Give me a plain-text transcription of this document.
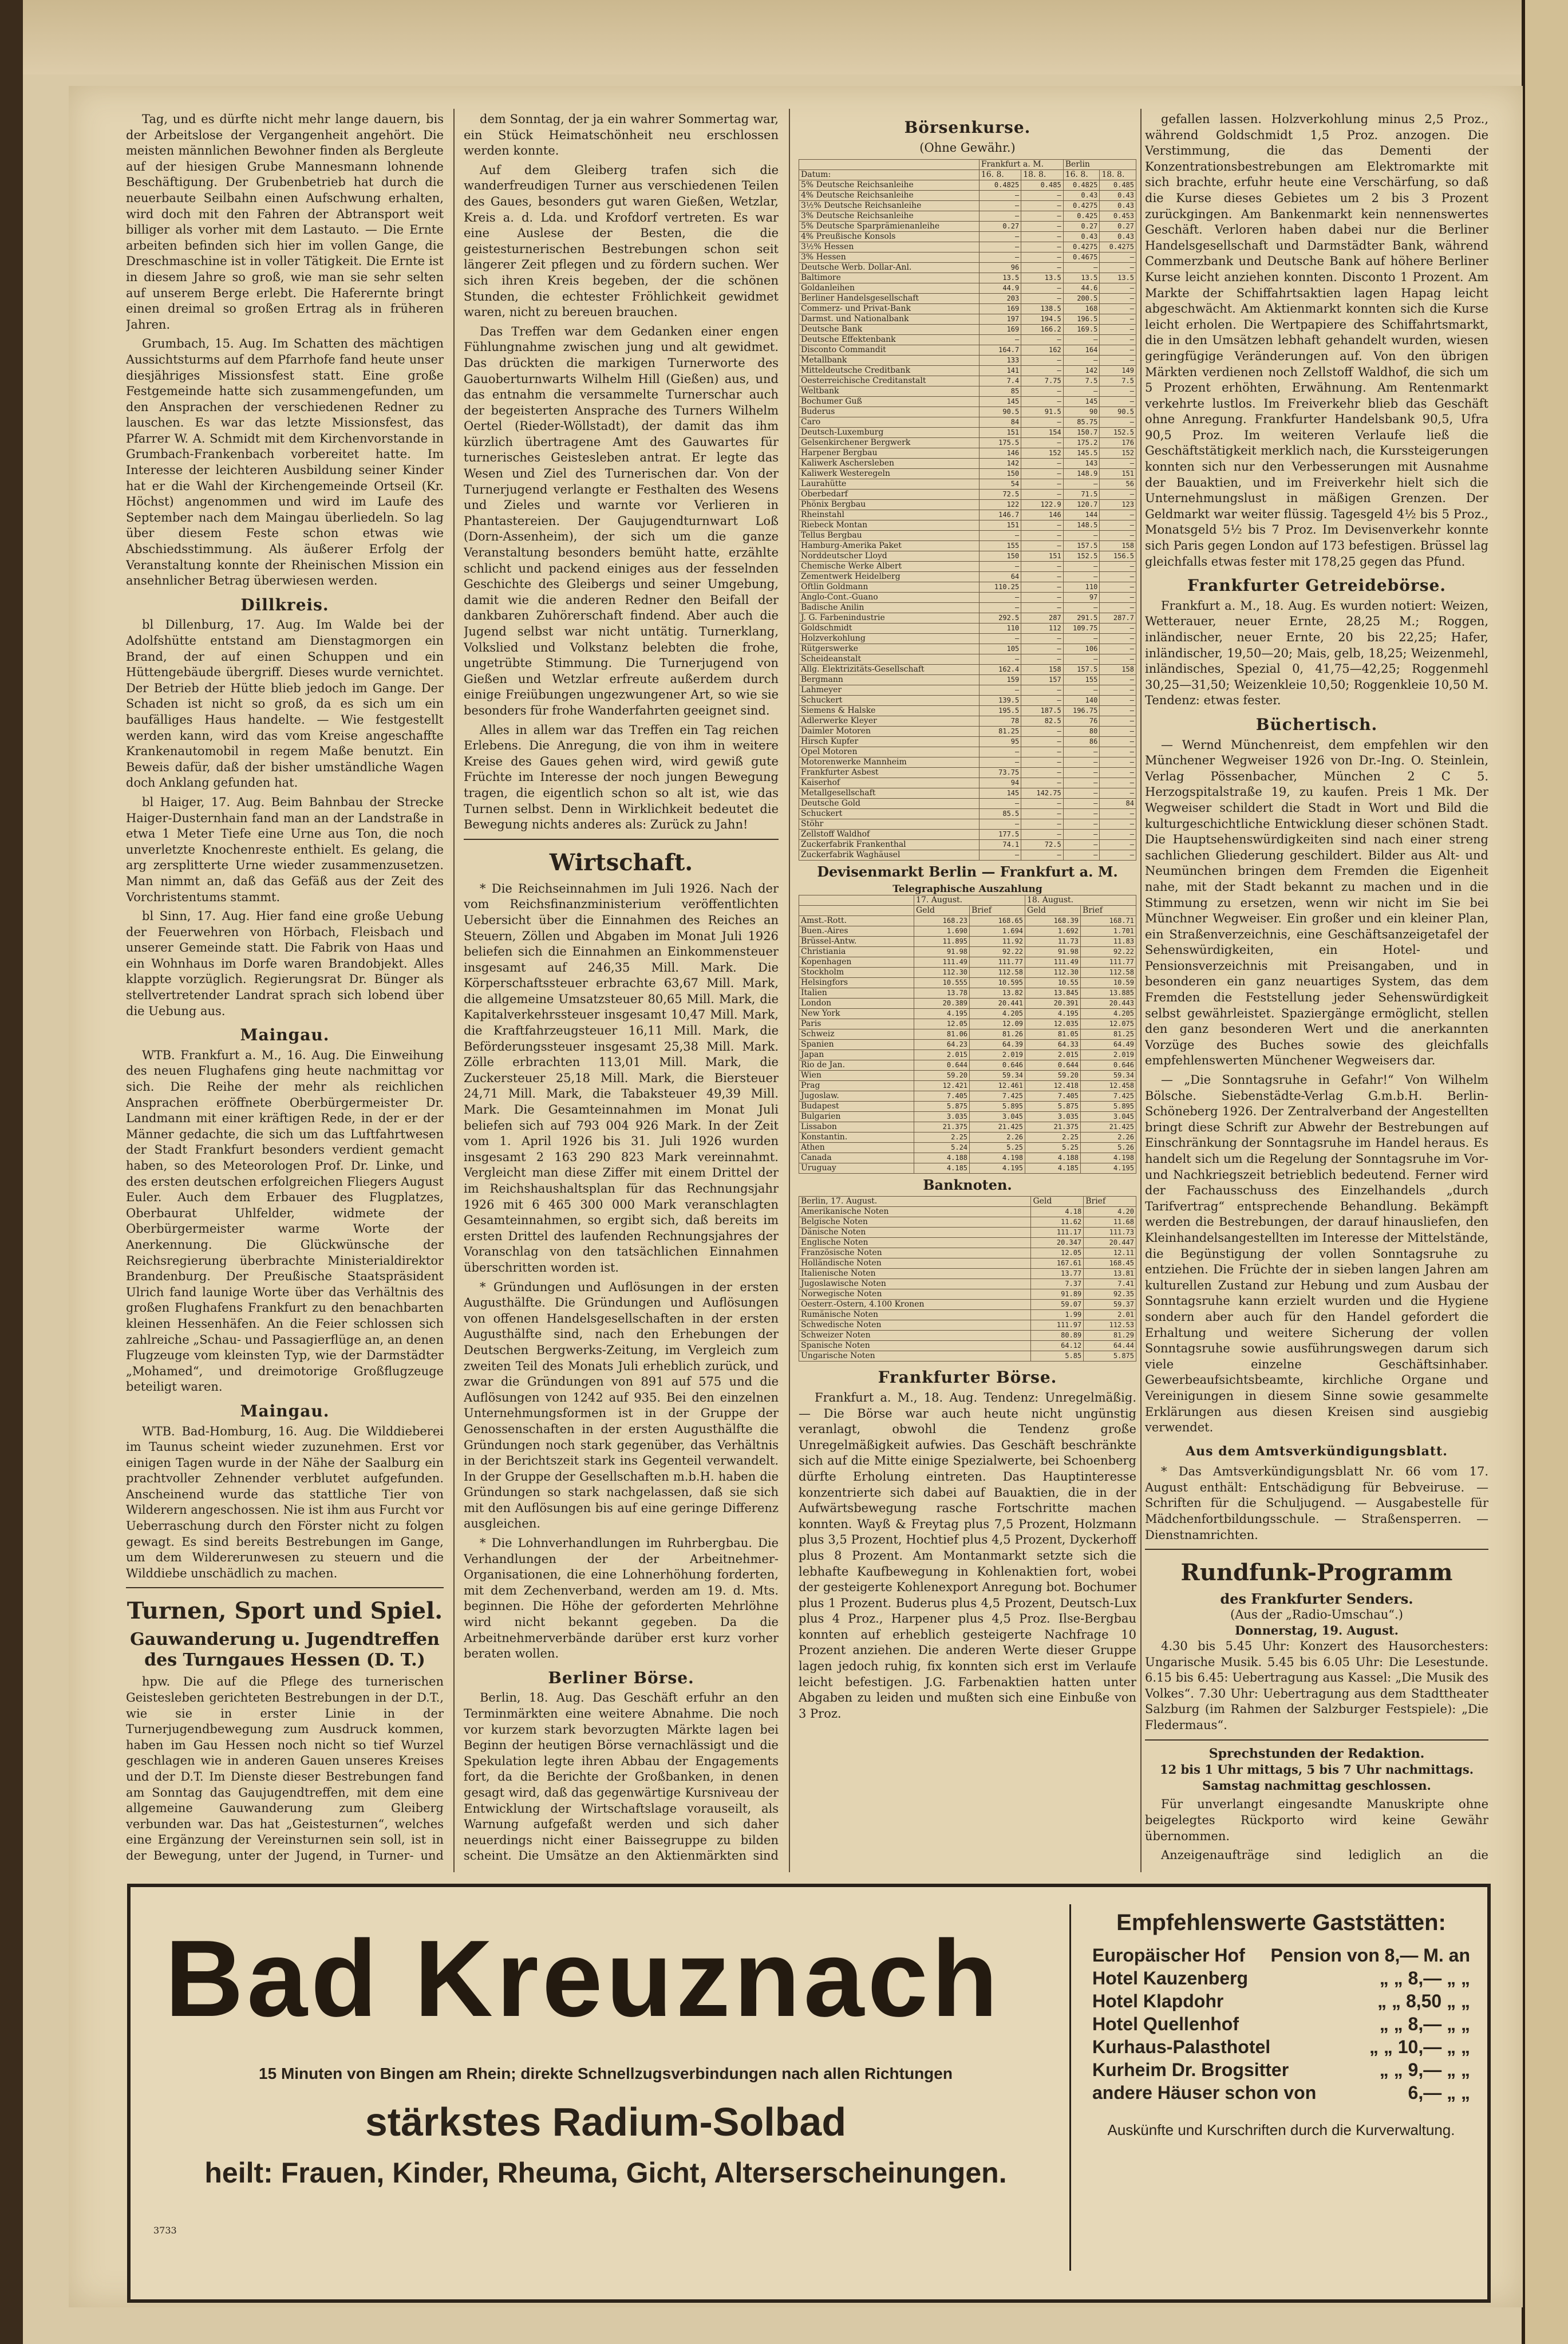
Tag, und es dürfte nicht mehr lange dauern, bis der Arbeitslose der Vergangenheit angehört. Die meisten männlichen Bewohner finden als Bergleute auf der hiesigen Grube Mannesmann lohnende Beschäftigung. Der Grubenbetrieb hat durch die neuerbaute Seilbahn einen Aufschwung erhalten, wird doch mit den Fahren der Abtransport weit billiger als vorher mit dem Lastauto. — Die Ernte arbeiten befinden sich hier im vollen Gange, die Dreschmaschine ist in voller Tätigkeit. Die Ernte ist in diesem Jahre so groß, wie man sie sehr selten auf unserem Berge erlebt. Die Haferernte bringt einen dreimal so großen Ertrag als in früheren Jahren.

Grumbach, 15. Aug. Im Schatten des mächtigen Aussichtsturms auf dem Pfarrhofe fand heute unser diesjähriges Missionsfest statt. Eine große Festgemeinde hatte sich zusammengefunden, um den Ansprachen der verschiedenen Redner zu lauschen. Es war das letzte Missionsfest, das Pfarrer W. A. Schmidt mit dem Kirchenvorstande in Grumbach-Frankenbach vorbereitet hatte. Im Interesse der leichteren Ausbildung seiner Kinder hat er die Wahl der Kirchengemeinde Ortseil (Kr. Höchst) angenommen und wird im Laufe des September nach dem Maingau überliedeln. So lag über diesem Feste schon etwas wie Abschiedsstimmung. Als äußerer Erfolg der Veranstaltung konnte der Rheinischen Mission ein ansehnlicher Betrag überwiesen werden.

Dillkreis.

bl Dillenburg, 17. Aug. Im Walde bei der Adolfshütte entstand am Dienstagmorgen ein Brand, der auf einen Schuppen und ein Hüttengebäude übergriff. Dieses wurde vernichtet. Der Betrieb der Hütte blieb jedoch im Gange. Der Schaden ist nicht so groß, da es sich um ein baufälliges Haus handelte. — Wie festgestellt werden kann, wird das vom Kreise angeschaffte Krankenautomobil in regem Maße benutzt. Ein Beweis dafür, daß der bisher umständliche Wagen doch Anklang gefunden hat.

bl Haiger, 17. Aug. Beim Bahnbau der Strecke Haiger-Dusternhain fand man an der Landstraße in etwa 1 Meter Tiefe eine Urne aus Ton, die noch unverletzte Knochenreste enthielt. Es gelang, die arg zersplitterte Urne wieder zusammenzusetzen. Man nimmt an, daß das Gefäß aus der Zeit des Vorchristentums stammt.

bl Sinn, 17. Aug. Hier fand eine große Uebung der Feuerwehren von Hörbach, Fleisbach und unserer Gemeinde statt. Die Fabrik von Haas und ein Wohnhaus im Dorfe waren Brandobjekt. Alles klappte vorzüglich. Regierungsrat Dr. Bünger als stellvertretender Landrat sprach sich lobend über die Uebung aus.

Maingau.

WTB. Frankfurt a. M., 16. Aug. Die Einweihung des neuen Flughafens ging heute nachmittag vor sich. Die Reihe der mehr als reichlichen Ansprachen eröffnete Oberbürgermeister Dr. Landmann mit einer kräftigen Rede, in der er der Männer gedachte, die sich um das Luftfahrtwesen der Stadt Frankfurt besonders verdient gemacht haben, so des Meteorologen Prof. Dr. Linke, und des ersten deutschen erfolgreichen Fliegers August Euler. Auch dem Erbauer des Flugplatzes, Oberbaurat Uhlfelder, widmete der Oberbürgermeister warme Worte der Anerkennung. Die Glückwünsche der Reichsregierung überbrachte Ministerialdirektor Brandenburg. Der Preußische Staatspräsident Ulrich fand launige Worte über das Verhältnis des großen Flughafens Frankfurt zu den benachbarten kleinen Hessenhäfen. An die Feier schlossen sich zahlreiche „Schau- und Passagierflüge an, an denen Flugzeuge vom kleinsten Typ, wie der Darmstädter „Mohamed“, und dreimotorige Großflugzeuge beteiligt waren.

Maingau.

WTB. Bad-Homburg, 16. Aug. Die Wilddieberei im Taunus scheint wieder zuzunehmen. Erst vor einigen Tagen wurde in der Nähe der Saalburg ein prachtvoller Zehnender verblutet aufgefunden. Anscheinend wurde das stattliche Tier von Wilderern angeschossen. Nie ist ihm aus Furcht vor Ueberraschung durch den Förster nicht zu folgen gewagt. Es sind bereits Bestrebungen im Gange, um dem Wildererunwesen zu steuern und die Wilddiebe unschädlich zu machen.

Turnen, Sport und Spiel.
Gauwanderung u. Jugendtreffen des Turngaues Hessen (D. T.)

hpw. Die auf die Pflege des turnerischen Geistesleben gerichteten Bestrebungen in der D.T., wie sie in erster Linie in der Turnerjugendbewegung zum Ausdruck kommen, haben im Gau Hessen noch nicht so tief Wurzel geschlagen wie in anderen Gauen unseres Kreises und der D.T. Im Dienste dieser Bestrebungen fand am Sonntag das Gaujugendtreffen, mit dem eine allgemeine Gauwanderung zum Gleiberg verbunden war. Das hat „Geistesturnen“, welches eine Ergänzung der Vereinsturnen sein soll, ist in der Bewegung, unter der Jugend, in Turner- und

dem Sonntag, der ja ein wahrer Sommertag war, ein Stück Heimatschönheit neu erschlossen werden konnte.

Auf dem Gleiberg trafen sich die wanderfreudigen Turner aus verschiedenen Teilen des Gaues, besonders gut waren Gießen, Wetzlar, Kreis a. d. Lda. und Krofdorf vertreten. Es war eine Auslese der Besten, die die geistesturnerischen Bestrebungen schon seit längerer Zeit pflegen und zu fördern suchen. Wer sich ihren Kreis begeben, der die schönen Stunden, die echtester Fröhlichkeit gewidmet waren, nicht zu bereuen brauchen.

Das Treffen war dem Gedanken einer engen Fühlungnahme zwischen jung und alt gewidmet. Das drückten die markigen Turnerworte des Gauoberturnwarts Wilhelm Hill (Gießen) aus, und das entnahm die versammelte Turnerschar auch der begeisterten Ansprache des Turners Wilhelm Oertel (Rieder-Wöllstadt), der damit das ihm kürzlich übertragene Amt des Gauwartes für turnerisches Geistesleben antrat. Er legte das Wesen und Ziel des Turnerischen dar. Von der Turnerjugend verlangte er Festhalten des Wesens und Zieles und warnte vor Verlieren in Phantastereien. Der Gaujugendturnwart Loß (Dorn-Assenheim), der sich um die ganze Veranstaltung besonders bemüht hatte, erzählte schlicht und packend einiges aus der fesselnden Geschichte des Gleibergs und seiner Umgebung, damit wie die anderen Redner den Beifall der dankbaren Zuhörerschaft findend. Aber auch die Jugend selbst war nicht untätig. Turnerklang, Volkslied und Volkstanz belebten die frohe, ungetrübte Stimmung. Die Turnerjugend von Gießen und Wetzlar erfreute außerdem durch einige Freiübungen ungezwungener Art, so wie sie besonders für frohe Wanderfahrten geeignet sind.

Alles in allem war das Treffen ein Tag reichen Erlebens. Die Anregung, die von ihm in weitere Kreise des Gaues gehen wird, wird gewiß gute Früchte im Interesse der noch jungen Bewegung tragen, die eigentlich schon so alt ist, wie das Turnen selbst. Denn in Wirklichkeit bedeutet die Bewegung nichts anderes als: Zurück zu Jahn!

Wirtschaft.

* Die Reichseinnahmen im Juli 1926. Nach der vom Reichsfinanzministerium veröffentlichten Uebersicht über die Einnahmen des Reiches an Steuern, Zöllen und Abgaben im Monat Juli 1926 beliefen sich die Einnahmen an Einkommensteuer insgesamt auf 246,35 Mill. Mark. Die Körperschaftssteuer erbrachte 63,67 Mill. Mark, die allgemeine Umsatzsteuer 80,65 Mill. Mark, die Kapitalverkehrssteuer insgesamt 10,47 Mill. Mark, die Kraftfahrzeugsteuer 16,11 Mill. Mark, die Beförderungssteuer insgesamt 25,38 Mill. Mark. Zölle erbrachten 113,01 Mill. Mark, die Zuckersteuer 25,18 Mill. Mark, die Biersteuer 24,71 Mill. Mark, die Tabaksteuer 49,39 Mill. Mark. Die Gesamteinnahmen im Monat Juli beliefen sich auf 793 004 926 Mark. In der Zeit vom 1. April 1926 bis 31. Juli 1926 wurden insgesamt 2 163 290 823 Mark vereinnahmt. Vergleicht man diese Ziffer mit einem Drittel der im Reichshaushaltsplan für das Rechnungsjahr 1926 mit 6 465 300 000 Mark veranschlagten Gesamteinnahmen, so ergibt sich, daß bereits im ersten Drittel des laufenden Rechnungsjahres der Voranschlag von den tatsächlichen Einnahmen überschritten worden ist.

* Gründungen und Auflösungen in der ersten Augusthälfte. Die Gründungen und Auflösungen von offenen Handelsgesellschaften in der ersten Augusthälfte sind, nach den Erhebungen der Deutschen Bergwerks-Zeitung, im Vergleich zum zweiten Teil des Monats Juli erheblich zurück, und zwar die Gründungen von 891 auf 575 und die Auflösungen von 1242 auf 935. Bei den einzelnen Unternehmungsformen ist in der Gruppe der Genossenschaften in der ersten Augusthälfte die Gründungen noch stark gegenüber, das Verhältnis in der Berichtszeit stark ins Gegenteil verwandelt. In der Gruppe der Gesellschaften m.b.H. haben die Gründungen so stark nachgelassen, daß sie sich mit den Auflösungen bis auf eine geringe Differenz ausgleichen.

* Die Lohnverhandlungen im Ruhrbergbau. Die Verhandlungen der der Arbeitnehmer-Organisationen, die eine Lohnerhöhung forderten, mit dem Zechenverband, werden am 19. d. Mts. beginnen. Die Höhe der geforderten Mehrlöhne wird nicht bekannt gegeben. Da die Arbeitnehmerverbände darüber erst kurz vorher beraten wollen.

Berliner Börse.

Berlin, 18. Aug. Das Geschäft erfuhr an den Terminmärkten eine weitere Abnahme. Die noch vor kurzem stark bevorzugten Märkte lagen bei Beginn der heutigen Börse vernachlässigt und die Spekulation legte ihren Abbau der Engagements fort, da die Berichte der Großbanken, in denen gesagt wird, daß das gegenwärtige Kursniveau der Entwicklung der Wirtschaftslage vorauseilt, als Warnung aufgefaßt werden und sich daher neuerdings nicht einer Baissegruppe zu bilden scheint. Die Umsätze an den Aktienmärkten sind

Börsenkurse.

(Ohne Gewähr.)

	Frankfurt a. M.		Berlin	
Datum:	16. 8.	18. 8.	16. 8.	18. 8.
5% Deutsche Reichsanleihe	0.4825	0.485	0.4825	0.485
4% Deutsche Reichsanleihe	—	—	0.43	0.43
3½% Deutsche Reichsanleihe	—	—	0.4275	0.43
3% Deutsche Reichsanleihe	—	—	0.425	0.453
5% Deutsche Sparprämienanleihe	0.27	—	0.27	0.27
4% Preußische Konsols	—	—	0.43	0.43
3½% Hessen	—	—	0.4275	0.4275
3% Hessen	—	—	0.4675	—
Deutsche Werb. Dollar-Anl.	96	—	—	—
Baltimore	13.5	13.5	13.5	13.5
Goldanleihen	44.9	—	44.6	—
Berliner Handelsgesellschaft	203	—	200.5	—
Commerz- und Privat-Bank	169	138.5	168	—
Darmst. und Nationalbank	197	194.5	196.5	—
Deutsche Bank	169	166.2	169.5	—
Deutsche Effektenbank	—	—	—	—
Disconto Commandit	164.7	162	164	—
Metallbank	133	—	—	—
Mitteldeutsche Creditbank	141	—	142	149
Oesterreichische Creditanstalt	7.4	7.75	7.5	7.5
Weltbank	85	—	—	—
Bochumer Guß	145	—	145	—
Buderus	90.5	91.5	90	90.5
Caro	84	—	85.75	—
Deutsch-Luxemburg	151	154	150.7	152.5
Gelsenkirchener Bergwerk	175.5	—	175.2	176
Harpener Bergbau	146	152	145.5	152
Kaliwerk Aschersleben	142	—	143	—
Kaliwerk Westeregeln	150	—	148.9	151
Laurahütte	54	—	—	56
Oberbedarf	72.5	—	71.5	—
Phönix Bergbau	122	122.9	120.7	123
Rheinstahl	146.7	146	144	—
Riebeck Montan	151	—	148.5	—
Tellus Bergbau	—	—	—	—
Hamburg-Amerika Paket	155	—	157.5	158
Norddeutscher Lloyd	150	151	152.5	156.5
Chemische Werke Albert	—	—	—	—
Zementwerk Heidelberg	64	—	—	—
Oftlin Goldmann	110.25	—	110	—
Anglo-Cont.-Guano	—	—	97	—
Badische Anilin	—	—	—	—
J. G. Farbenindustrie	292.5	287	291.5	287.7
Goldschmidt	110	112	109.75	—
Holzverkohlung	—	—	—	—
Rütgerswerke	105	—	106	—
Scheideanstalt	—	—	—	—
Allg. Elektrizitäts-Gesellschaft	162.4	158	157.5	158
Bergmann	159	157	155	—
Lahmeyer	—	—	—	—
Schuckert	139.5	—	140	—
Siemens & Halske	195.5	187.5	196.75	—
Adlerwerke Kleyer	78	82.5	76	—
Daimler Motoren	81.25	—	80	—
Hirsch Kupfer	95	—	86	—
Opel Motoren	—	—	—	—
Motorenwerke Mannheim	—	—	—	—
Frankfurter Asbest	73.75	—	—	—
Kaiserhof	94	—	—	—
Metallgesellschaft	145	142.75	—	—
Deutsche Gold	—	—	—	84
Schuckert	85.5	—	—	—
Stöhr	—	—	—	—
Zellstoff Waldhof	177.5	—	—	—
Zuckerfabrik Frankenthal	74.1	72.5	—	—
Zuckerfabrik Waghäusel	—	—	—	—
Devisenmarkt Berlin — Frankfurt a. M.
Telegraphische Auszahlung
	17. August.		18. August.	
	Geld	Brief	Geld	Brief
Amst.-Rott.	168.23	168.65	168.39	168.71
Buen.-Aires	1.690	1.694	1.692	1.701
Brüssel-Antw.	11.895	11.92	11.73	11.83
Christiania	91.98	92.22	91.98	92.22
Kopenhagen	111.49	111.77	111.49	111.77
Stockholm	112.30	112.58	112.30	112.58
Helsingfors	10.555	10.595	10.55	10.59
Italien	13.78	13.82	13.845	13.885
London	20.389	20.441	20.391	20.443
New York	4.195	4.205	4.195	4.205
Paris	12.05	12.09	12.035	12.075
Schweiz	81.06	81.26	81.05	81.25
Spanien	64.23	64.39	64.33	64.49
Japan	2.015	2.019	2.015	2.019
Rio de Jan.	0.644	0.646	0.644	0.646
Wien	59.20	59.34	59.20	59.34
Prag	12.421	12.461	12.418	12.458
Jugoslaw.	7.405	7.425	7.405	7.425
Budapest	5.875	5.895	5.875	5.895
Bulgarien	3.035	3.045	3.035	3.045
Lissabon	21.375	21.425	21.375	21.425
Konstantin.	2.25	2.26	2.25	2.26
Athen	5.24	5.25	5.25	5.26
Canada	4.188	4.198	4.188	4.198
Uruguay	4.185	4.195	4.185	4.195
Banknoten.
Berlin, 17. August.	Geld	Brief
Amerikanische Noten	4.18	4.20
Belgische Noten	11.62	11.68
Dänische Noten	111.17	111.73
Englische Noten	20.347	20.447
Französische Noten	12.05	12.11
Holländische Noten	167.61	168.45
Italienische Noten	13.77	13.81
Jugoslawische Noten	7.37	7.41
Norwegische Noten	91.89	92.35
Oesterr.-Ostern, 4.100 Kronen	59.07	59.37
Rumänische Noten	1.99	2.01
Schwedische Noten	111.97	112.53
Schweizer Noten	80.89	81.29
Spanische Noten	64.12	64.44
Ungarische Noten	5.85	5.875
Frankfurter Börse.

Frankfurt a. M., 18. Aug. Tendenz: Unregelmäßig. — Die Börse war auch heute nicht ungünstig veranlagt, obwohl die Tendenz große Unregelmäßigkeit aufwies. Das Geschäft beschränkte sich auf die Mitte einige Spezialwerte, bei Schoenberg dürfte Erholung eintreten. Das Hauptinteresse konzentrierte sich dabei auf Bauaktien, die in der Aufwärtsbewegung rasche Fortschritte machen konnten. Wayß & Freytag plus 7,5 Prozent, Holzmann plus 3,5 Prozent, Hochtief plus 4,5 Prozent, Dyckerhoff plus 8 Prozent. Am Montanmarkt setzte sich die lebhafte Kaufbewegung in Kohlenaktien fort, wobei der gesteigerte Kohlenexport Anregung bot. Bochumer plus 1 Prozent. Buderus plus 4,5 Prozent, Deutsch-Lux plus 4 Proz., Harpener plus 4,5 Proz. Ilse-Bergbau konnten auf erheblich gesteigerte Nachfrage 10 Prozent anziehen. Die anderen Werte dieser Gruppe lagen jedoch ruhig, fix konnten sich erst im Verlaufe leicht befestigen. J.G. Farbenaktien hatten unter Abgaben zu leiden und mußten sich eine Einbuße von 3 Proz.

gefallen lassen. Holzverkohlung minus 2,5 Proz., während Goldschmidt 1,5 Proz. anzogen. Die Verstimmung, die das Dementi der Konzentrationsbestrebungen am Elektromarkte mit sich brachte, erfuhr heute eine Verschärfung, so daß die Kurse dieses Gebietes um 2 bis 3 Prozent zurückgingen. Am Bankenmarkt kein nennenswertes Geschäft. Verloren haben dabei nur die Berliner Handelsgesellschaft und Darmstädter Bank, während Commerzbank und Deutsche Bank auf höhere Berliner Kurse leicht anziehen konnten. Disconto 1 Prozent. Am Markte der Schiffahrtsaktien lagen Hapag leicht abgeschwächt. Am Aktienmarkt konnten sich die Kurse leicht erholen. Die Wertpapiere des Schiffahrtsmarkt, die in den Umsätzen lebhaft gehandelt wurden, wiesen geringfügige Veränderungen auf. Von den übrigen Märkten verdienen noch Zellstoff Waldhof, die sich um 5 Prozent erhöhten, Erwähnung. Am Rentenmarkt verkehrte lustlos. Im Freiverkehr blieb das Geschäft ohne Anregung. Frankfurter Handelsbank 90,5, Ufra 90,5 Proz. Im weiteren Verlaufe ließ die Geschäftstätigkeit merklich nach, die Kurssteigerungen konnten sich nur den Verbesserungen mit Ausnahme der Bauaktien, und im Freiverkehr hielt sich die Unternehmungslust in mäßigen Grenzen. Der Geldmarkt war weiter flüssig. Tagesgeld 4½ bis 5 Proz., Monatsgeld 5½ bis 7 Proz. Im Devisenverkehr konnte sich Paris gegen London auf 173 befestigen. Brüssel lag gleichfalls etwas fester mit 178,25 gegen das Pfund.

Frankfurter Getreidebörse.

Frankfurt a. M., 18. Aug. Es wurden notiert: Weizen, Wetterauer, neuer Ernte, 28,25 M.; Roggen, inländischer, neuer Ernte, 20 bis 22,25; Hafer, inländischer, 19,50—20; Mais, gelb, 18,25; Weizenmehl, inländisches, Spezial 0, 41,75—42,25; Roggenmehl 30,25—31,50; Weizenkleie 10,50; Roggenkleie 10,50 M. Tendenz: etwas fester.

Büchertisch.

— Wernd Münchenreist, dem empfehlen wir den Münchener Wegweiser 1926 von Dr.-Ing. O. Steinlein, Verlag Pössenbacher, München 2 C 5. Herzogspitalstraße 19, zu kaufen. Preis 1 Mk. Der Wegweiser schildert die Stadt in Wort und Bild die kulturgeschichtliche Entwicklung dieser schönen Stadt. Die Hauptsehenswürdigkeiten sind nach einer streng sachlichen Gliederung geschildert. Bilder aus Alt- und Neumünchen bringen dem Fremden die Eigenheit nahe, mit der Stadt bekannt zu machen und in die Stimmung zu ersetzen, wenn wir nicht im Sie bei Münchner Wegweiser. Ein großer und ein kleiner Plan, ein Straßenverzeichnis, eine Geschäftsanzeigetafel der Sehenswürdigkeiten, ein Hotel- und Pensionsverzeichnis mit Preisangaben, und in besonderen ein ganz neuartiges System, das dem Fremden die Feststellung jeder Sehenswürdigkeit selbst gewährleistet. Spaziergänge ermöglicht, stellen den ganz besonderen Wert und die anerkannten Vorzüge des Buches sowie des gleichfalls empfehlenswerten Münchener Wegweisers dar.

— „Die Sonntagsruhe in Gefahr!“ Von Wilhelm Bölsche. Siebenstädte-Verlag G.m.b.H. Berlin-Schöneberg 1926. Der Zentralverband der Angestellten bringt diese Schrift zur Abwehr der Bestrebungen auf Einschränkung der Sonntagsruhe im Handel heraus. Es handelt sich um die Regelung der Sonntagsruhe im Vor- und Nachkriegszeit betrieblich bedeutend. Ferner wird der Fachausschuss des Einzelhandels „durch Tarifvertrag“ entsprechende Behandlung. Bekämpft werden die Bestrebungen, der darauf hinausliefen, den Kleinhandelsangestellten im Interesse der Mittelstände, die Begünstigung der vollen Sonntagsruhe zu entziehen. Die Früchte der in sieben langen Jahren am kulturellen Zustand zur Hebung und zum Ausbau der Sonntagsruhe kann erzielt wurden und die Hygiene sondern aber auch für den Handel gefordert die Erhaltung und weitere Sicherung der vollen Sonntagsruhe sowie ausführungswegen darum sich viele einzelne Geschäftsinhaber. Gewerbeaufsichtsbeamte, kirchliche Organe und Vereinigungen in diesem Sinne sowie gesammelte Erklärungen aus diesen Kreisen sind ausgiebig verwendet.

Aus dem Amtsverkündigungsblatt.

* Das Amtsverkündigungsblatt Nr. 66 vom 17. August enthält: Entschädigung für Bebveiruse. — Schriften für die Schuljugend. — Ausgabestelle für Mädchenfortbildungsschule. — Straßensperren. — Dienstnamrichten.

Rundfunk-Programm
des Frankfurter Senders.
(Aus der „Radio-Umschau“.)
Donnerstag, 19. August.

4.30 bis 5.45 Uhr: Konzert des Hausorchesters: Ungarische Musik. 5.45 bis 6.05 Uhr: Die Lesestunde. 6.15 bis 6.45: Uebertragung aus Kassel: „Die Musik des Volkes“. 7.30 Uhr: Uebertragung aus dem Stadttheater Salzburg (im Rahmen der Salzburger Festspiele): „Die Fledermaus“.

Sprechstunden der Redaktion.

12 bis 1 Uhr mittags, 5 bis 7 Uhr nachmittags. Samstag nachmittag geschlossen.

Für unverlangt eingesandte Manuskripte ohne beigelegtes Rückporto wird keine Gewähr übernommen.

Anzeigenaufträge sind lediglich an die

Bad Kreuznach
15 Minuten von Bingen am Rhein; direkte Schnellzugsverbindungen nach allen Richtungen
stärkstes Radium-Solbad
heilt: Frauen, Kinder, Rheuma, Gicht, Alterserscheinungen.
3733
Empfehlenswerte Gaststätten:
Europäischer Hof Pension von 8,— M. an
Hotel Kauzenberg	„ „ 8,— „ „
Hotel Klapdohr	„ „ 8,50 „ „
Hotel Quellenhof	„ „ 8,— „ „
Kurhaus-Palasthotel	„ „ 10,— „ „
Kurheim Dr. Brogsitter	„ „ 9,— „ „
andere Häuser schon von	6,— „ „
Auskünfte und Kurschriften durch die Kurverwaltung.
